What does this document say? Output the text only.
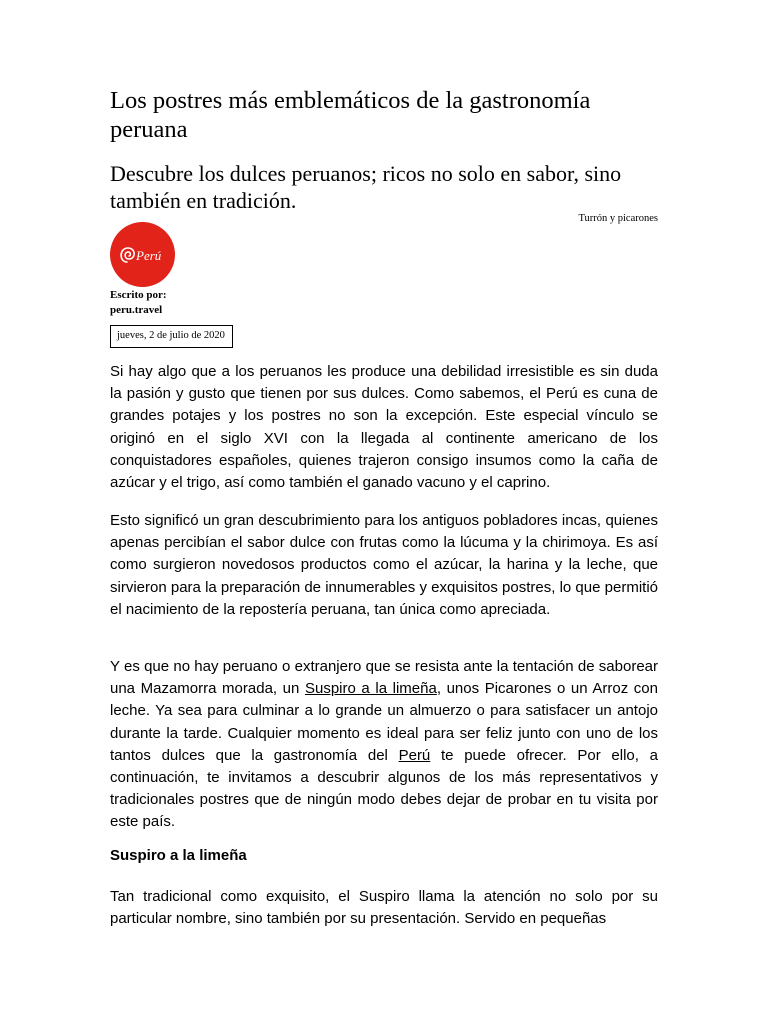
Los postres más emblemáticos de la gastronomía peruana
Descubre los dulces peruanos; ricos no solo en sabor, sino también en tradición.
Turrón y picarones
Perú
Escrito por:
peru.travel
jueves, 2 de julio de 2020

Si hay algo que a los peruanos les produce una debilidad irresistible es sin duda la pasión y gusto que tienen por sus dulces. Como sabemos, el Perú es cuna de grandes potajes y los postres no son la excepción. Este especial vínculo se originó en el siglo XVI con la llegada al continente americano de los conquistadores españoles, quienes trajeron consigo insumos como la caña de azúcar y el trigo, así como también el ganado vacuno y el caprino.

Esto significó un gran descubrimiento para los antiguos pobladores incas, quienes apenas percibían el sabor dulce con frutas como la lúcuma y la chirimoya. Es así como surgieron novedosos productos como el azúcar, la harina y la leche, que sirvieron para la preparación de innumerables y exquisitos postres, lo que permitió el nacimiento de la repostería peruana, tan única como apreciada.

Y es que no hay peruano o extranjero que se resista ante la tentación de saborear una Mazamorra morada, un Suspiro a la limeña, unos Picarones o un Arroz con leche. Ya sea para culminar a lo grande un almuerzo o para satisfacer un antojo durante la tarde. Cualquier momento es ideal para ser feliz junto con uno de los tantos dulces que la gastronomía del Perú te puede ofrecer. Por ello, a continuación, te invitamos a descubrir algunos de los más representativos y tradicionales postres que de ningún modo debes dejar de probar en tu visita por este país.

Suspiro a la limeña

Tan tradicional como exquisito, el Suspiro llama la atención no solo por su particular nombre, sino también por su presentación. Servido en pequeñas
